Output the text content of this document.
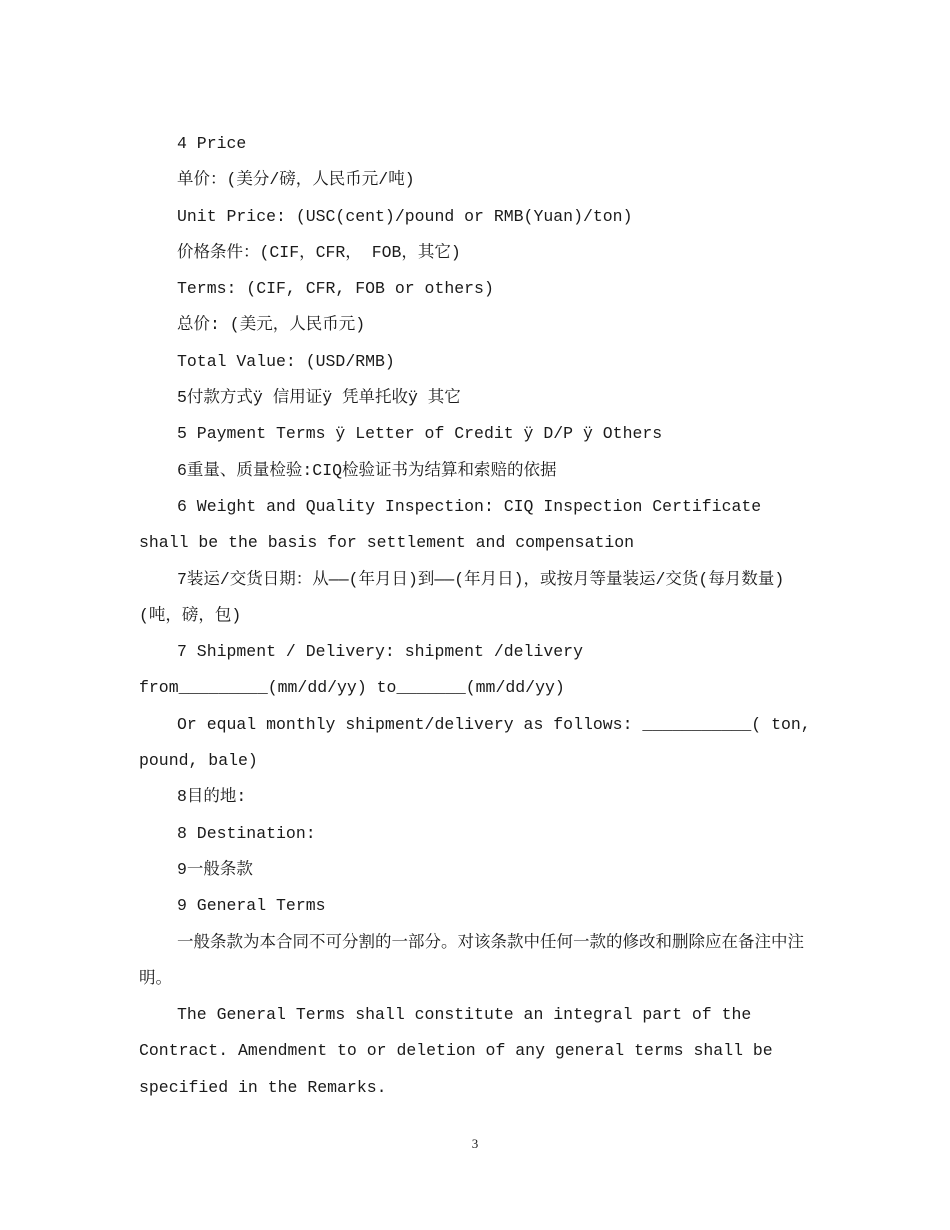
4 Price

单价：(美分/磅，人民币元/吨)

Unit Price: (USC(cent)/pound or RMB(Yuan)/ton)

价格条件：(CIF，CFR， FOB，其它)

Terms: (CIF, CFR, FOB or others)

总价: (美元，人民币元)

Total Value: (USD/RMB)

5付款方式ÿ 信用证ÿ 凭单托收ÿ 其它

5 Payment Terms ÿ Letter of Credit ÿ D/P ÿ Others

6重量、质量检验:CIQ检验证书为结算和索赔的依据

6 Weight and Quality Inspection: CIQ Inspection Certificate shall be the basis for settlement and compensation

7装运/交货日期：从——(年月日)到——(年月日)，或按月等量装运/交货(每月数量) (吨，磅，包)

7 Shipment / Delivery: shipment /delivery from_________(mm/dd/yy) to_______(mm/dd/yy)

Or equal monthly shipment/delivery as follows: ___________( ton, pound, bale)

8目的地:

8 Destination:

9一般条款

9 General Terms

一般条款为本合同不可分割的一部分。对该条款中任何一款的修改和删除应在备注中注明。

The General Terms shall constitute an integral part of the Contract. Amendment to or deletion of any general terms shall be specified in the Remarks.

3
